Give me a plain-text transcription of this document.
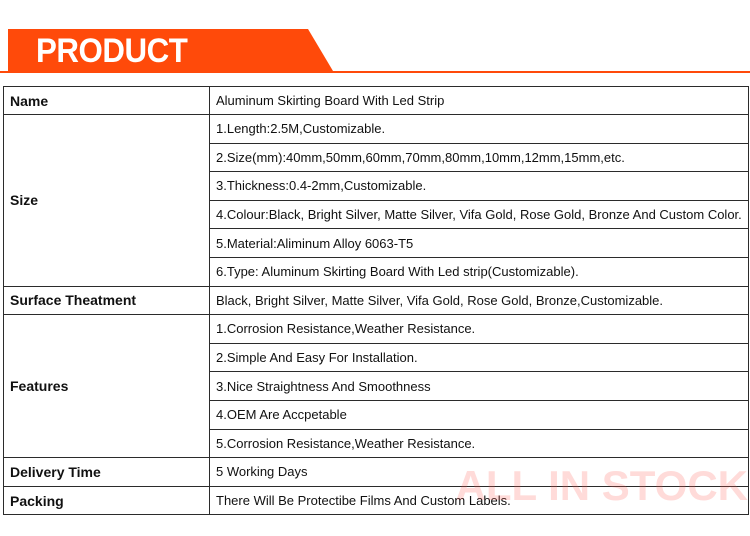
PRODUCT
Name	Aluminum Skirting Board With Led Strip
Size	1.Length:2.5M,Customizable.
	2.Size(mm):40mm,50mm,60mm,70mm,80mm,10mm,12mm,15mm,etc.
	3.Thickness:0.4-2mm,Customizable.
	4.Colour:Black, Bright Silver, Matte Silver, Vifa Gold, Rose Gold, Bronze And Custom Color.
	5.Material:Aliminum Alloy 6063-T5
	6.Type: Aluminum Skirting Board With Led strip(Customizable).
Surface Theatment	Black, Bright Silver, Matte Silver, Vifa Gold, Rose Gold, Bronze,Customizable.
Features	1.Corrosion Resistance,Weather Resistance.
	2.Simple And Easy For Installation.
	3.Nice Straightness And Smoothness
	4.OEM Are Accpetable
	5.Corrosion Resistance,Weather Resistance.
Delivery Time	5 Working Days
Packing	There Will Be Protectibe Films And Custom Labels.
ALL IN STOCK
